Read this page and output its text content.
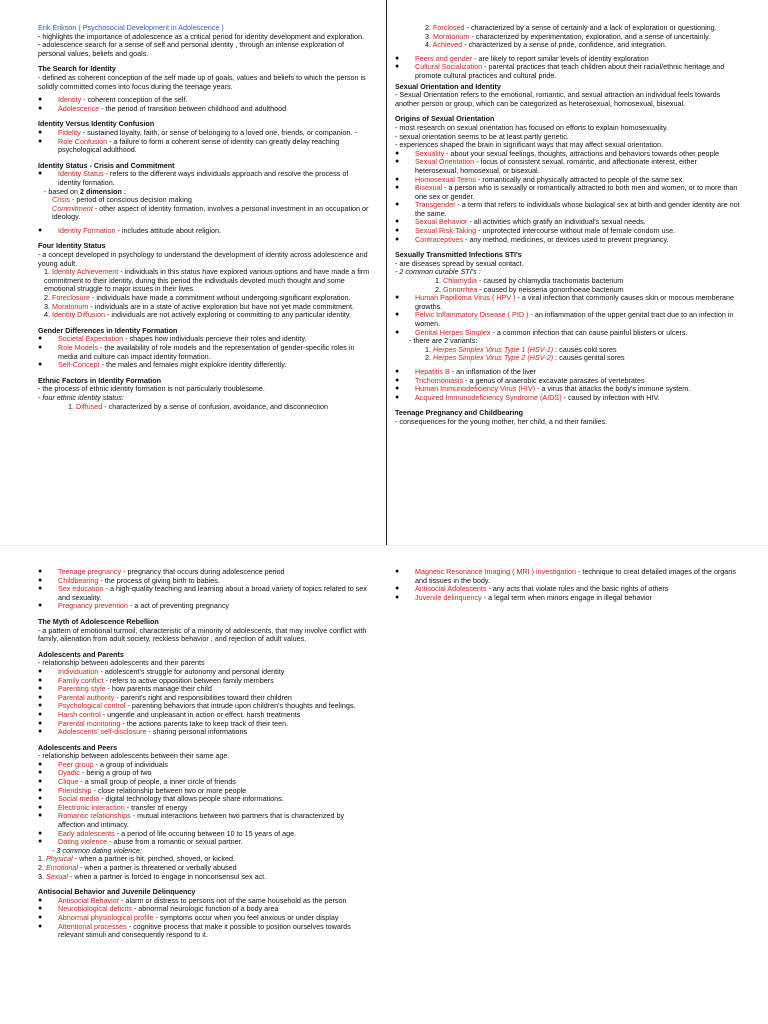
Erik Erikson ( Psychosocial Development in Adolescence )
- highlights the importance of adolescence as a critical period for identity development and exploration.
- adolescence search for a sense of self and personal identity , through an intense exploration of personal values, beliefs and goals.
The Search for Identity
- defined as coherent conception of the self made up of goals, values and beliefs to which the person is solidly committed comes into focus during the teenage years.
● Identity - coherent conception of the self.
● Adolescence - the period of transition between childhood and adulthood
Identity Versus Identity Confusion
● Fidelity - sustained loyalty, faith, or sense of belonging to a loved one, friends, or companion. -
● Role Confusion - a failure to form a coherent sense of identity can greatly delay reaching psychological adulthood.
Identity Status - Crisis and Commitment
● Identity Status - refers to the different ways individuals approach and resolve the process of identity formation.
- based on 2 dimension :
Crisis - period of conscious decision making
Commitment - other aspect of identity formation, involves a personal investment in an occupation or ideology.
● Identity Formation - includes attitude about religion.
Four Identity Status
- a concept developed in psychology to understand the development of identity across adolescence and young adult.
1. Identity Achievement - individuals in this status have explored various options and have made a firm commitment to their identity, during this period the individuals devoted much thought and some emotional struggle to major issues in their lives.
2. Foreclosure - individuals have made a commitment without undergoing significant exploration.
3. Moratorium - individuals are in a state of active exploration but have not yet made commitment.
4. Identity Diffusion - individuals are not actively exploring or committing to any particular identity.
Gender Differences in Identity Formation
● Societal Expectation - shapes how individuals percieve their roles and identity.
● Role Models - the availability of role models and the representation of gender-specific roles in media and culture can impact identity formation.
● Self-Concept - the males and females might explokre identity differently.
Ethnic Factors in Identity Formation
- the process of ethnic identity formation is not particularly troublesome.
- four ethnic identity status:
1. Diffused - characterized by a sense of confusion, avoidance, and disconnection
2. Forclosed - characterized by a sense of certainly and a lack of exploration or questioning.
3. Moratorium - characterized by experimentation, exploration, and a sense of uncertainly.
4. Achieved - characterized by a sense of pride, confidence, and integration.
● Peers and gender - are likely to report similar levels of identity exploration
● Cultural Socialization - parental practices that teach children about their racial/ethnic heritage and promote cultural practices and cultural pride.
Sexual Orientation and Identity
- Sexual Orientation refers to the emotional, romantic, and sexual attraction an individual feels towards another person or group, which can be categorized as heterosexual, homosexual, bisexual.
Origins of Sexual Orientation
- most research on sexual orientation has focused on efforts to explain homosexuality.
- sexual orientation seems to be at least partly genetic.
- experiences shaped the brain in significant ways that may affect sexual orientation.
● Sexuality - about your sexual feelings, thoughts, attractions and behaviors towards other people
● Sexual Orientation - focus of consistent sexual, romantic, and affectionate interest, either heterosexual, homosexual, or bisexual.
● Homosexual Teens - romantically and physically attracted to people of the same sex.
● Bisexual - a person who is sexually or romantically attracted to both men and women, or to more than one sex or gender.
● Transgender - a term that refers to individuals whose biological sex at birth and gender identity are not the same.
● Sexual Behavior - all activities which gratify an individual's sexual needs.
● Sexual Risk-Taking - unprotected intercourse without male of female condom use.
● Contraceptives - any method, medicines, or devices used to prevent pregnancy.
Sexually Transmitted Infections STI's
- are diseases spread by sexual contact.
- 2 common curable STI's :
1. Chlamydia - caused by chlamydia trachomatis bacterium
2. Gonorrhea - caused by neisseria gonorrhoeae bacterium
● Human Papilloma Virus ( HPV ) - a viral infection that commonly causes skin or mocous memberane growths.
● Pelvic Inflammatory Disease ( PID ) - an inflammation of the upper genital tract due to an infection in women.
● Genital Herpes Simplex - a common infection that can cause painful blisters or ulcers.
- there are 2 variants:
1. Herpes Simplex Virus Type 1 (HSV-1) : causes cold sores
2. Herpes Simplex Virus Type 2 (HSV-2) : causes genital sores
● Hepatitis B - an inflamation of the liver
● Trichomoniasis - a genus of anaerobic excavate parasites of vertebrates
● Human Immunodeficiency Virus (HIV) - a virus that attacks the body's immune system.
● Acquired Immunodeficiency Syndrome (AIDS) - caused by infection with HIV.
Teenage Pregnancy and Childbearing
- consequences for the young mother, her child, a nd their families.
● Teenage pregnancy - pregnancy that occurs during adolescence period
● Childbearing - the process of giving birth to babies.
● Sex education - a high-quality teaching and learning about a broad variety of topics related to sex and sexuality.
● Pregnancy prevention - a act of preventing pregnancy
The Myth of Adolescence Rebellion
- a pattern of emotional turmoil, characteristic of a minority of adolescents, that may involve conflict with family, alienation from adult society, reckless behavior , and rejection of adult values.
Adolescents and Parents
- relationship between adolescents and their parents
● Individuation - adolescent's struggle for autonomy and personal identity
● Family conflict - refers to active opposition between family members
● Parenting style - how parents manage their child
● Parental authority - parent's right and responsibilities toward their children
● Psychological control - parenting behaviors that intrude upon children's thoughts and feelings.
● Harsh control - ungentle and unpleasant in action or effect. harsh treatments
● Parental monitoring - the actions parents take to keep track of their teen.
● Adolescents' self-disclosure - sharing personal informations
Adolescents and Peers
- relationship between adolescents between their same age.
● Peer group - a group of individuals
● Dyadic - being a group of two
● Clique - a small group of people, a inner circle of friends
● Friendship - close relationship between two or more people
● Social media - digital technology that allows people share informations.
● Electronic interaction - transfer of energy
● Romantic relationships - mutual interactions between two partners that is characterized by affection and intimacy.
● Early adolescents - a period of life occuring between 10 to 15 years of age.
● Dating violence - abuse from a romantic or sexual partner.
- 3 common dating violence:
1. Physical - when a partner is hit, pinched, shoved, or kicked.
2. Emotional - when a partner is threatened or verbally abused
3. Sexual - when a partner is forced to engage in nonconsensul sex act.
Antisocial Behavior and Juvenile Delinquency
● Antisocial Behavior - alarm or distress to persons not of the same household as the person
● Neurobiological deficits - abnormal neurologic function of a body area
● Abnormal physiological profile - symptoms occur when you feel anxious or under display
● Attentional processes - cognitive process that make it possible to position ourselves towards relevant stimuli and consequently respond to it.
● Magnetic Resonance Imaging ( MRI ) investigation - technique to creat detailed images of the organs and tissues in the body.
● Antisocial Adolescents - any acts that violate rules and the basic rights of others
● Juvenile delinquency - a legal term when minors engage in illegal behavior
